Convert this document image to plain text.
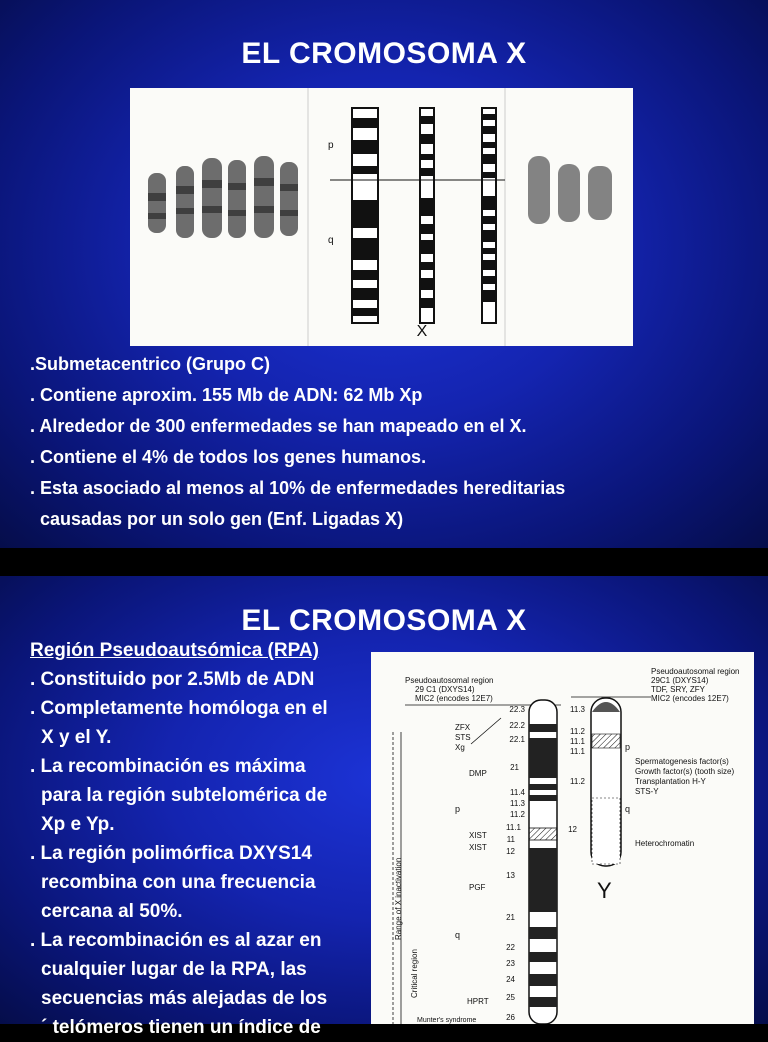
EL CROMOSOMA X
p
q
X
.Submetacentrico (Grupo C)
. Contiene aproxim. 155 Mb de ADN: 62 Mb Xp
. Alrededor de 300 enfermedades se han mapeado en el X.
. Contiene el 4% de todos los genes humanos.
. Esta asociado al menos al 10% de enfermedades hereditarias
causadas por un solo gen (Enf. Ligadas X)
EL CROMOSOMA X
Región Pseudoautsómica (RPA)
. Constituido por 2.5Mb de ADN
. Completamente homóloga en el
X y el Y.
. La recombinación es máxima
para la región subtelomérica de
Xp e Yp.
. La región polimórfica DXYS14
recombina con una frecuencia
cercana al 50%.
. La recombinación es al azar en
cualquier lugar de la RPA, las
secuencias más alejadas de los
´ telómeros tienen un índice de
Pseudoautosomal region
29 C1 (DXYS14)
MIC2 (encodes 12E7)
Pseudoautosomal region
29C1 (DXYS14)
TDF, SRY, ZFY
MIC2 (encodes 12E7)
22.3
22.2
22.1
21
11.4
11.3
11.2
11.1
11
12
13
21
22
23
24
25
26
ZFX
STS
Xg
DMP
XIST
XIST
PGF
HPRT
Munter's syndrome
p
q
p
q
Range of X inactivation
Critical region
11.3
11.2
11.1
11.1
11.2
12
Spermatogenesis factor(s)
Growth factor(s) (tooth size)
Transplantation H-Y
STS-Y
Heterochromatin
Y
